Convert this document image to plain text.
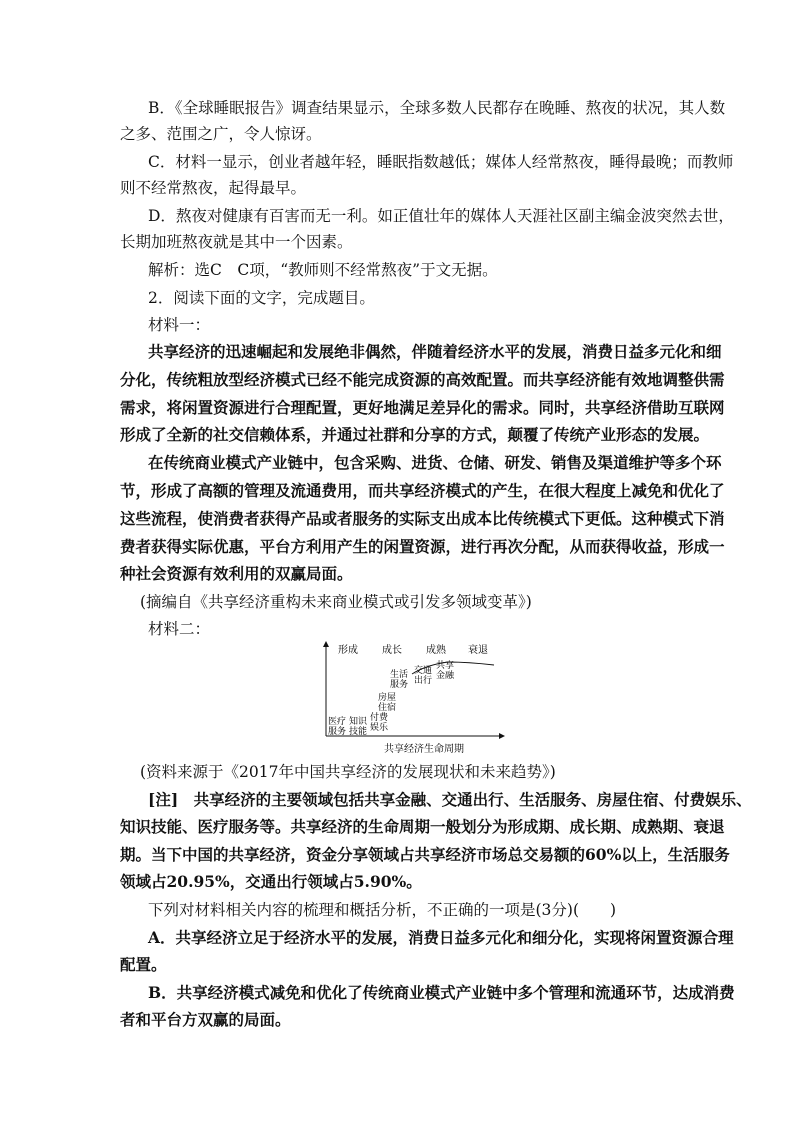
B．《全球睡眠报告》调查结果显示，全球多数人民都存在晚睡、熬夜的状况，其人数
之多、范围之广，令人惊讶。
C．材料一显示，创业者越年轻，睡眠指数越低；媒体人经常熬夜，睡得最晚；而教师
则不经常熬夜，起得最早。
D．熬夜对健康有百害而无一利。如正值壮年的媒体人天涯社区副主编金波突然去世，
长期加班熬夜就是其中一个因素。
解析：选C　C项，“教师则不经常熬夜”于文无据。
2．阅读下面的文字，完成题目。
材料一：
共享经济的迅速崛起和发展绝非偶然，伴随着经济水平的发展，消费日益多元化和细
分化，传统粗放型经济模式已经不能完成资源的高效配置。而共享经济能有效地调整供需
需求，将闲置资源进行合理配置，更好地满足差异化的需求。同时，共享经济借助互联网
形成了全新的社交信赖体系，并通过社群和分享的方式，颠覆了传统产业形态的发展。
在传统商业模式产业链中，包含采购、进货、仓储、研发、销售及渠道维护等多个环
节，形成了高额的管理及流通费用，而共享经济模式的产生，在很大程度上减免和优化了
这些流程，使消费者获得产品或者服务的实际支出成本比传统模式下更低。这种模式下消
费者获得实际优惠，平台方利用产生的闲置资源，进行再次分配，从而获得收益，形成一
种社会资源有效利用的双赢局面。
(摘编自《共享经济重构未来商业模式或引发多领域变革》)
材料二：
形成 成长 成熟 衰退
医疗
服务
知识
技能
付费
娱乐
房屋
住宿
生活
服务
交通
出行
共享
金融
共享经济生命周期
(资料来源于《2017年中国共享经济的发展现状和未来趋势》)
[注]　共享经济的主要领域包括共享金融、交通出行、生活服务、房屋住宿、付费娱乐、
知识技能、医疗服务等。共享经济的生命周期一般划分为形成期、成长期、成熟期、衰退
期。当下中国的共享经济，资金分享领域占共享经济市场总交易额的60%以上，生活服务
领域占20.95%，交通出行领域占5.90%。
下列对材料相关内容的梳理和概括分析，不正确的一项是(3分)(　　)
A．共享经济立足于经济水平的发展，消费日益多元化和细分化，实现将闲置资源合理
配置。
B．共享经济模式减免和优化了传统商业模式产业链中多个管理和流通环节，达成消费
者和平台方双赢的局面。
